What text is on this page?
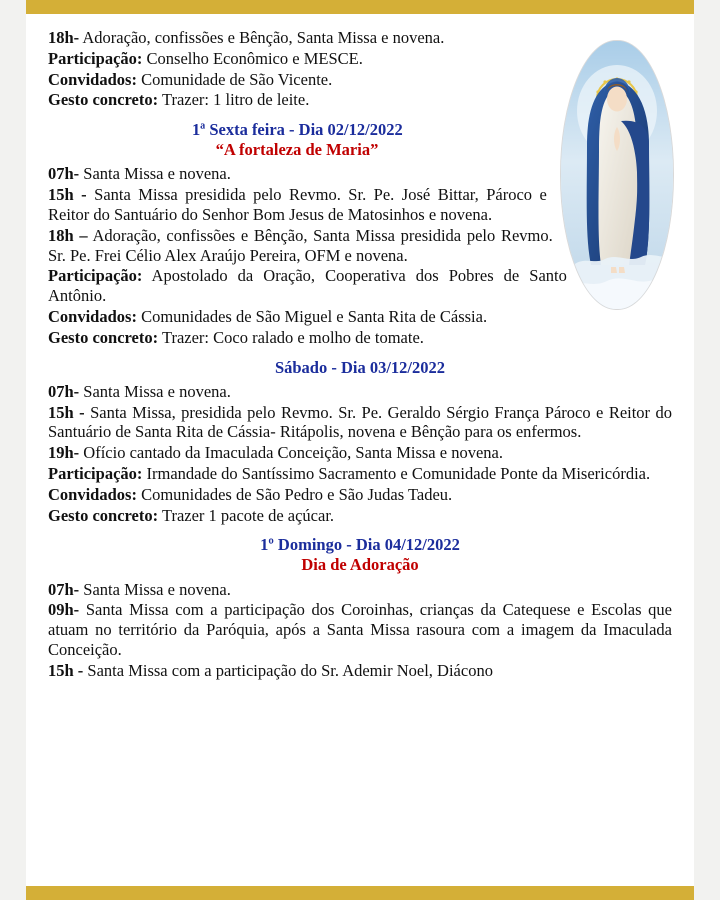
18h- Adoração, confissões e Bênção, Santa Missa e novena.

Participação: Conselho Econômico e MESCE.

Convidados: Comunidade de São Vicente.

Gesto concreto: Trazer: 1 litro de leite.

1ª Sexta feira - Dia 02/12/2022

“A fortaleza de Maria”

07h- Santa Missa e novena.

15h - Santa Missa presidida pelo Revmo. Sr. Pe. José Bittar, Pároco e Reitor do Santuário do Senhor Bom Jesus de Matosinhos e novena.

18h – Adoração, confissões e Bênção, Santa Missa presidida pelo Revmo. Sr. Pe. Frei Célio Alex Araújo Pereira, OFM e novena.

Participação: Apostolado da Oração, Cooperativa dos Pobres de Santo Antônio.

Convidados: Comunidades de São Miguel e Santa Rita de Cássia.

Gesto concreto: Trazer: Coco ralado e molho de tomate.

Sábado - Dia 03/12/2022

07h- Santa Missa e novena.

15h - Santa Missa, presidida pelo Revmo. Sr. Pe. Geraldo Sérgio França Pároco e Reitor do Santuário de Santa Rita de Cássia- Ritápolis, novena e Bênção para os enfermos.

19h- Ofício cantado da Imaculada Conceição, Santa Missa e novena.

Participação: Irmandade do Santíssimo Sacramento e Comunidade Ponte da Misericórdia.

Convidados: Comunidades de São Pedro e São Judas Tadeu.

Gesto concreto: Trazer 1 pacote de açúcar.

1º Domingo - Dia 04/12/2022

Dia de Adoração

07h- Santa Missa e novena.

09h- Santa Missa com a participação dos Coroinhas, crianças da Catequese e Escolas que atuam no território da Paróquia, após a Santa Missa rasoura com a imagem da Imaculada Conceição.

15h - Santa Missa com a participação do Sr. Ademir Noel, Diácono
